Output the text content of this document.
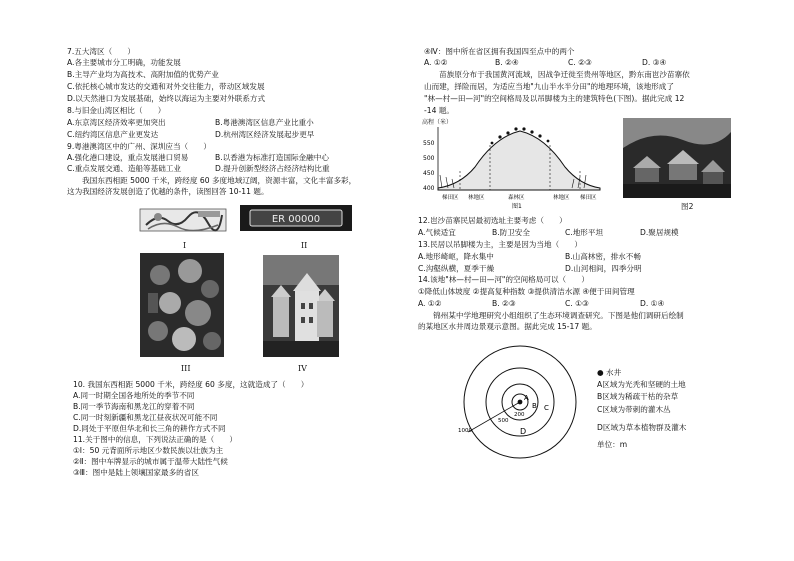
7.五大湾区（　　）
A.各主要城市分工明确，功能发展
B.主导产业均为高技术、高附加值的优势产业
C.依托核心城市发达的交通和对外交往能力，带动区域发展
D.以天然港口为发展基础，始终以海运为主要对外联系方式
8.与旧金山湾区相比（　　）
A.东京湾区经济效率更加突出	B.粤港澳湾区信息产业比重小
C.纽约湾区信息产业更发达	D.杭州湾区经济发展起步更早
9.粤港澳湾区中的广州、深圳应当（　　）
A.强化港口建设，重点发展港口贸易	B.以香港为标准打造国际金融中心
C.重点发展交通、造船等基础工业	D.提升创新型经济占经济结构比重
　　我国东西相距 5000 千米，跨经度 60 多度地域辽阔，资源丰富，文化丰富多彩，
这为我国经济发展创造了优越的条件，读图回答 10-11 题。
I
ER 00000
II
III	IV
10. 我国东西相距 5000 千米，跨经度 60 多度，这就造成了（　　）
A.同一时期全国各地所处的季节不同
B.同一季节海南和黑龙江的穿着不同
C.同一时刻新疆和黑龙江昼夜状况可能不同
D.同处于平原但华北和长三角的耕作方式不同
11.关于图中的信息，下列说法正确的是（　　）
①Ⅰ：50 元背面所示地区少数民族以壮族为主
②Ⅱ：图中车牌显示的城市属于温带大陆性气候
③Ⅲ：图中是陆上领壤国家最多的省区
④Ⅳ：图中所在省区拥有我国四至点中的两个
A. ①②	B. ②④	C. ②③	D. ③④
　　苗族原分布于我国黄河流域，因战争迁徙至贵州等地区，黔东南岜沙苗寨依
山而建，择险而居，为适应当地"九山半水半分田"的地理环境，该地形成了
"林—村—田—河"的空间格局及以吊脚楼为主的建筑特色(下图)。据此完成 12
-14 题。
高程（米）
550
500
450
400
梯田区 林地区	森林区	林地区 梯田区
图1	图2
12.岜沙苗寨民居最初选址主要考虑（　　）
A.气候适宜	B.防卫安全	C.地形平坦	D.聚居规模
13.民居以吊脚楼为主，主要是因为当地（　　）
A.地形崎岖，降水集中	B.山高林密，排水不畅
C.沟壑纵横，夏季干燥	D.山河相间，四季分明
14.该地"林—村—田—河"的空间格局可以（　　）
①降低山体坡度 ②提高复种指数 ③提供清洁水源 ④便于田间管理
A. ①②	B. ②③	C. ①③	D. ①④
　　锦州某中学地理研究小组组织了生态环境调查研究。下图是他们调研后绘制
的某地区水井周边景观示意图。据此完成 15-17 题。
A
B C
D
200
500
1000
● 水井
A区域为光秃和坚硬的土地
B区域为稀疏干枯的杂草
C区域为带刺的灌木丛
D区域为草本植物群及灌木
单位：m
